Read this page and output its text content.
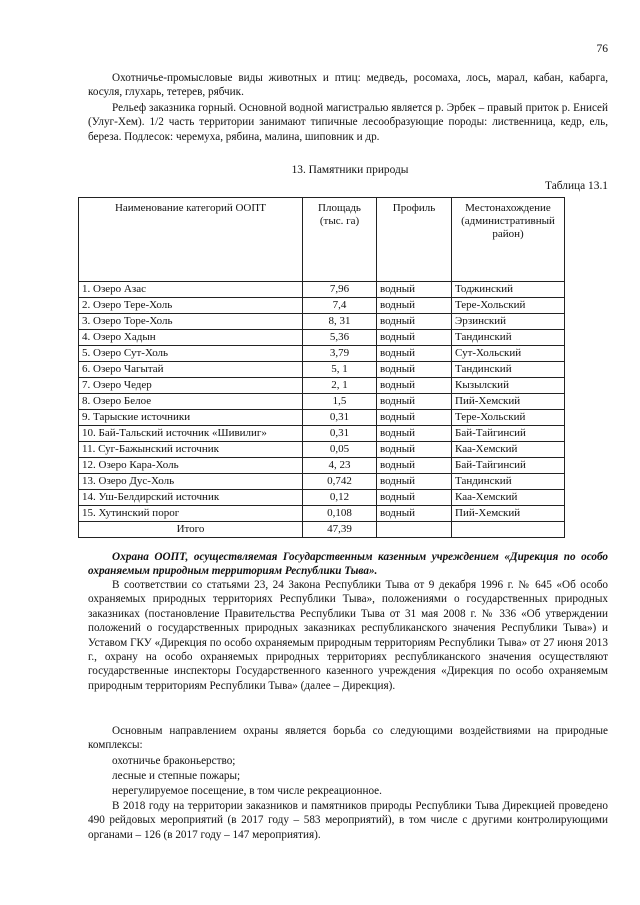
76

Охотничье-промысловые виды животных и птиц: медведь, росомаха, лось, марал, кабан, кабарга, косуля, глухарь, тетерев, рябчик.

Рельеф заказника горный. Основной водной магистралью является р. Эрбек – правый приток р. Енисей (Улуг-Хем). 1/2 часть территории занимают типичные лесообразующие породы: лиственница, кедр, ель, береза. Подлесок: черемуха, рябина, малина, шиповник и др.

13. Памятники природы
Таблица 13.1
Наименование категорий ООПТ	Площадь (тыс. га)	Профиль	Местонахождение (административный район)
1. Озеро Азас	7,96	водный	Тоджинский
2. Озеро Тере-Холь	7,4	водный	Тере-Хольский
3. Озеро Торе-Холь	8, 31	водный	Эрзинский
4. Озеро Хадын	5,36	водный	Тандинский
5. Озеро Сут-Холь	3,79	водный	Сут-Хольский
6. Озеро Чагытай	5, 1	водный	Тандинский
7. Озеро Чедер	2, 1	водный	Кызылский
8. Озеро Белое	1,5	водный	Пий-Хемский
9. Тарыские источники	0,31	водный	Тере-Хольский
10. Бай-Тальский источник «Шивилиг»	0,31	водный	Бай-Тайгинсий
11. Суг-Бажынский источник	0,05	водный	Каа-Хемский
12. Озеро Кара-Холь	4, 23	водный	Бай-Тайгинсий
13. Озеро Дус-Холь	0,742	водный	Тандинский
14. Уш-Белдирский источник	0,12	водный	Каа-Хемский
15. Хутинский порог	0,108	водный	Пий-Хемский
Итого	47,39		
Охрана ООПТ, осуществляемая Государственным казенным учреждением «Дирекция по особо охраняемым природным территориям Республики Тыва».

В соответствии со статьями 23, 24 Закона Республики Тыва от 9 декабря 1996 г. № 645 «Об особо охраняемых природных территориях Республики Тыва», положениями о государственных природных заказниках (постановление Правительства Республики Тыва от 31 мая 2008 г. № 336 «Об утверждении положений о государственных природных заказниках республиканского значения Республики Тыва») и Уставом ГКУ «Дирекция по особо охраняемым природным территориям Республики Тыва» от 27 июня 2013 г., охрану на особо охраняемых природных территориях республиканского значения осуществляют государственные инспекторы Государственного казенного учреждения «Дирекция по особо охраняемым природным территориям Республики Тыва» (далее – Дирекция).

Основным направлением охраны является борьба со следующими воздействиями на природные комплексы:

охотничье браконьерство;
лесные и степные пожары;
нерегулируемое посещение, в том числе рекреационное.

В 2018 году на территории заказников и памятников природы Республики Тыва Дирекцией проведено 490 рейдовых мероприятий (в 2017 году – 583 мероприятий), в том числе с другими контролирующими органами – 126 (в 2017 году – 147 мероприятия).
